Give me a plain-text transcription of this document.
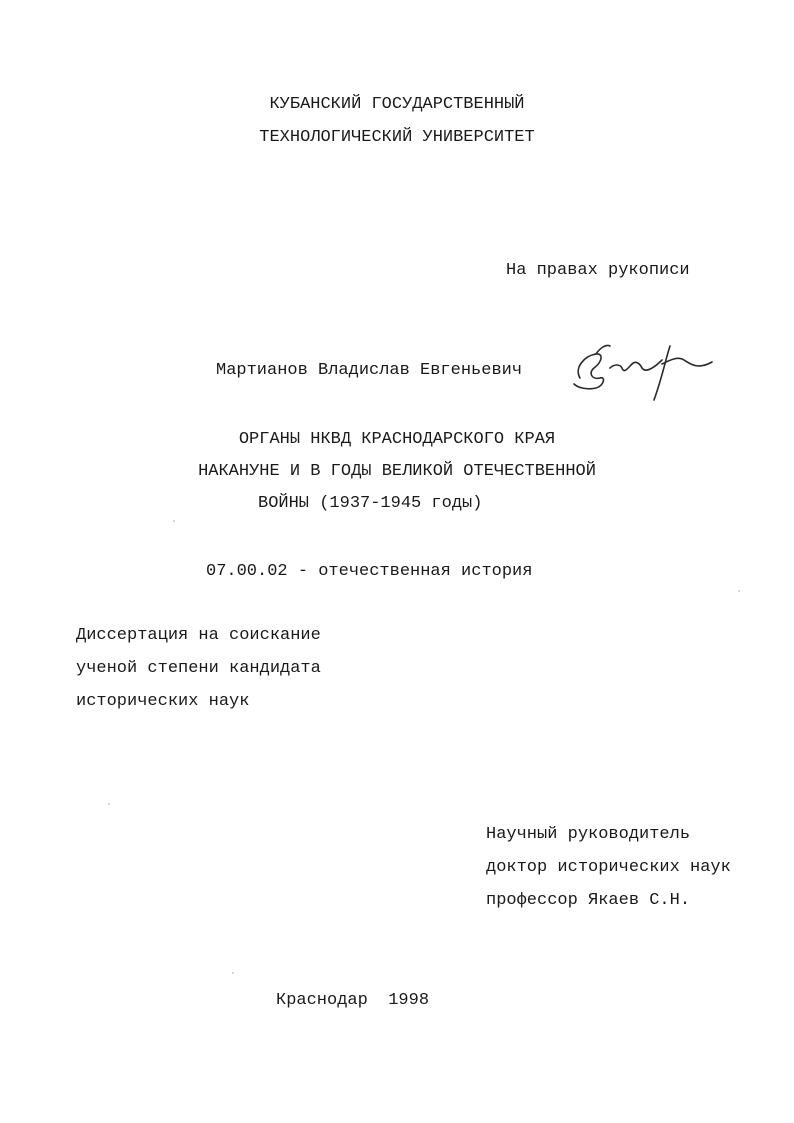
КУБАНСКИЙ ГОСУДАРСТВЕННЫЙ
ТЕХНОЛОГИЧЕСКИЙ УНИВЕРСИТЕТ
На правах рукописи
Мартианов Владислав Евгеньевич
ОРГАНЫ НКВД КРАСНОДАРСКОГО КРАЯ
НАКАНУНЕ И В ГОДЫ ВЕЛИКОЙ ОТЕЧЕСТВЕННОЙ
ВОЙНЫ (1937-1945 годы)
07.00.02 - отечественная история
Диссертация на соискание
ученой степени кандидата
исторических наук
Научный руководитель
доктор исторических наук
профессор Якаев С.Н.
Краснодар  1998
